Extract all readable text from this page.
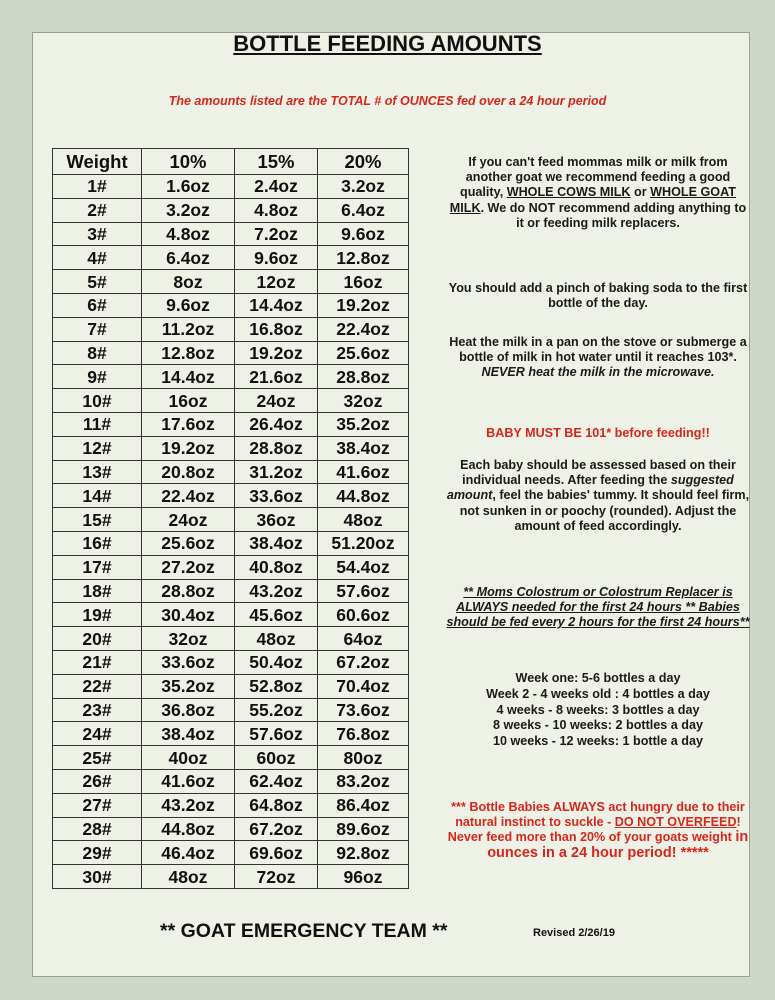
BOTTLE FEEDING AMOUNTS
The amounts listed are the TOTAL # of OUNCES fed over a 24 hour period
Weight	10%	15%	20%
1#	1.6oz	2.4oz	3.2oz
2#	3.2oz	4.8oz	6.4oz
3#	4.8oz	7.2oz	9.6oz
4#	6.4oz	9.6oz	12.8oz
5#	8oz	12oz	16oz
6#	9.6oz	14.4oz	19.2oz
7#	11.2oz	16.8oz	22.4oz
8#	12.8oz	19.2oz	25.6oz
9#	14.4oz	21.6oz	28.8oz
10#	16oz	24oz	32oz
11#	17.6oz	26.4oz	35.2oz
12#	19.2oz	28.8oz	38.4oz
13#	20.8oz	31.2oz	41.6oz
14#	22.4oz	33.6oz	44.8oz
15#	24oz	36oz	48oz
16#	25.6oz	38.4oz	51.20oz
17#	27.2oz	40.8oz	54.4oz
18#	28.8oz	43.2oz	57.6oz
19#	30.4oz	45.6oz	60.6oz
20#	32oz	48oz	64oz
21#	33.6oz	50.4oz	67.2oz
22#	35.2oz	52.8oz	70.4oz
23#	36.8oz	55.2oz	73.6oz
24#	38.4oz	57.6oz	76.8oz
25#	40oz	60oz	80oz
26#	41.6oz	62.4oz	83.2oz
27#	43.2oz	64.8oz	86.4oz
28#	44.8oz	67.2oz	89.6oz
29#	46.4oz	69.6oz	92.8oz
30#	48oz	72oz	96oz
If you can't feed mommas milk or milk from another goat we recommend feeding a good quality, WHOLE COWS MILK or WHOLE GOAT MILK. We do NOT recommend adding anything to it or feeding milk replacers.
You should add a pinch of baking soda to the first bottle of the day.
Heat the milk in a pan on the stove or submerge a bottle of milk in hot water until it reaches 103*. NEVER heat the milk in the microwave.
BABY MUST BE 101* before feeding!!
Each baby should be assessed based on their individual needs. After feeding the suggested amount, feel the babies' tummy. It should feel firm, not sunken in or poochy (rounded). Adjust the amount of feed accordingly.
** Moms Colostrum or Colostrum Replacer is ALWAYS needed for the first 24 hours ** Babies should be fed every 2 hours for the first 24 hours**
Week one: 5-6 bottles a day
Week 2 - 4 weeks old : 4 bottles a day
4 weeks - 8 weeks: 3 bottles a day
8 weeks - 10 weeks: 2 bottles a day
10 weeks - 12 weeks: 1 bottle a day
*** Bottle Babies ALWAYS act hungry due to their natural instinct to suckle - DO NOT OVERFEED! Never feed more than 20% of your goats weight in ounces in a 24 hour period! *****
** GOAT EMERGENCY TEAM **	Revised 2/26/19
